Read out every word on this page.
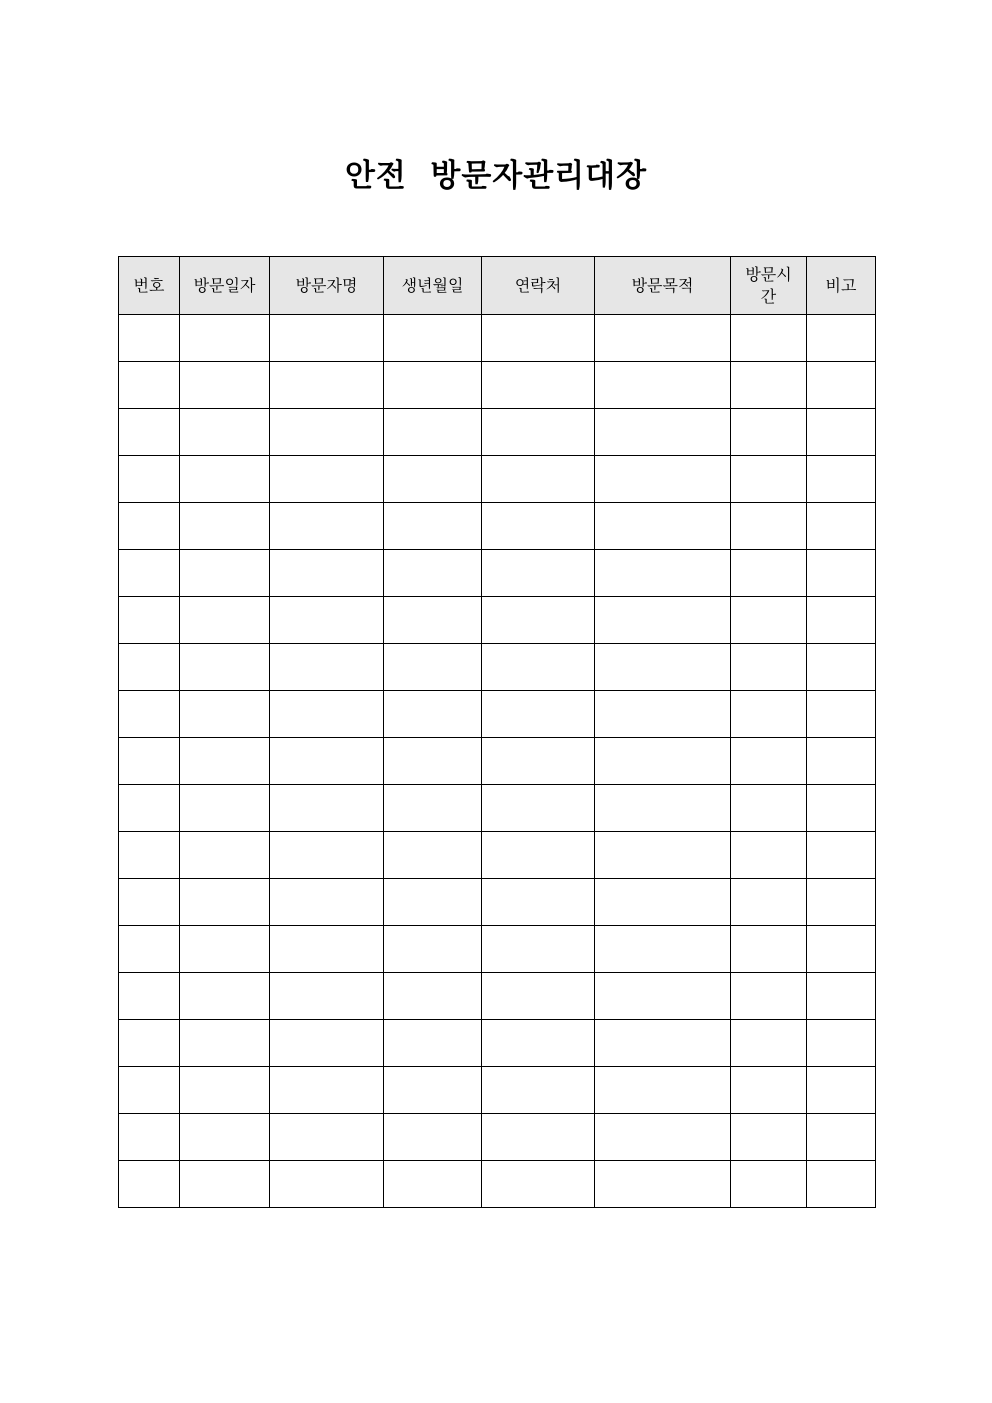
안전  방문자관리대장
번호	방문일자	방문자명	생년월일	연락처	방문목적	방문시간	비고
